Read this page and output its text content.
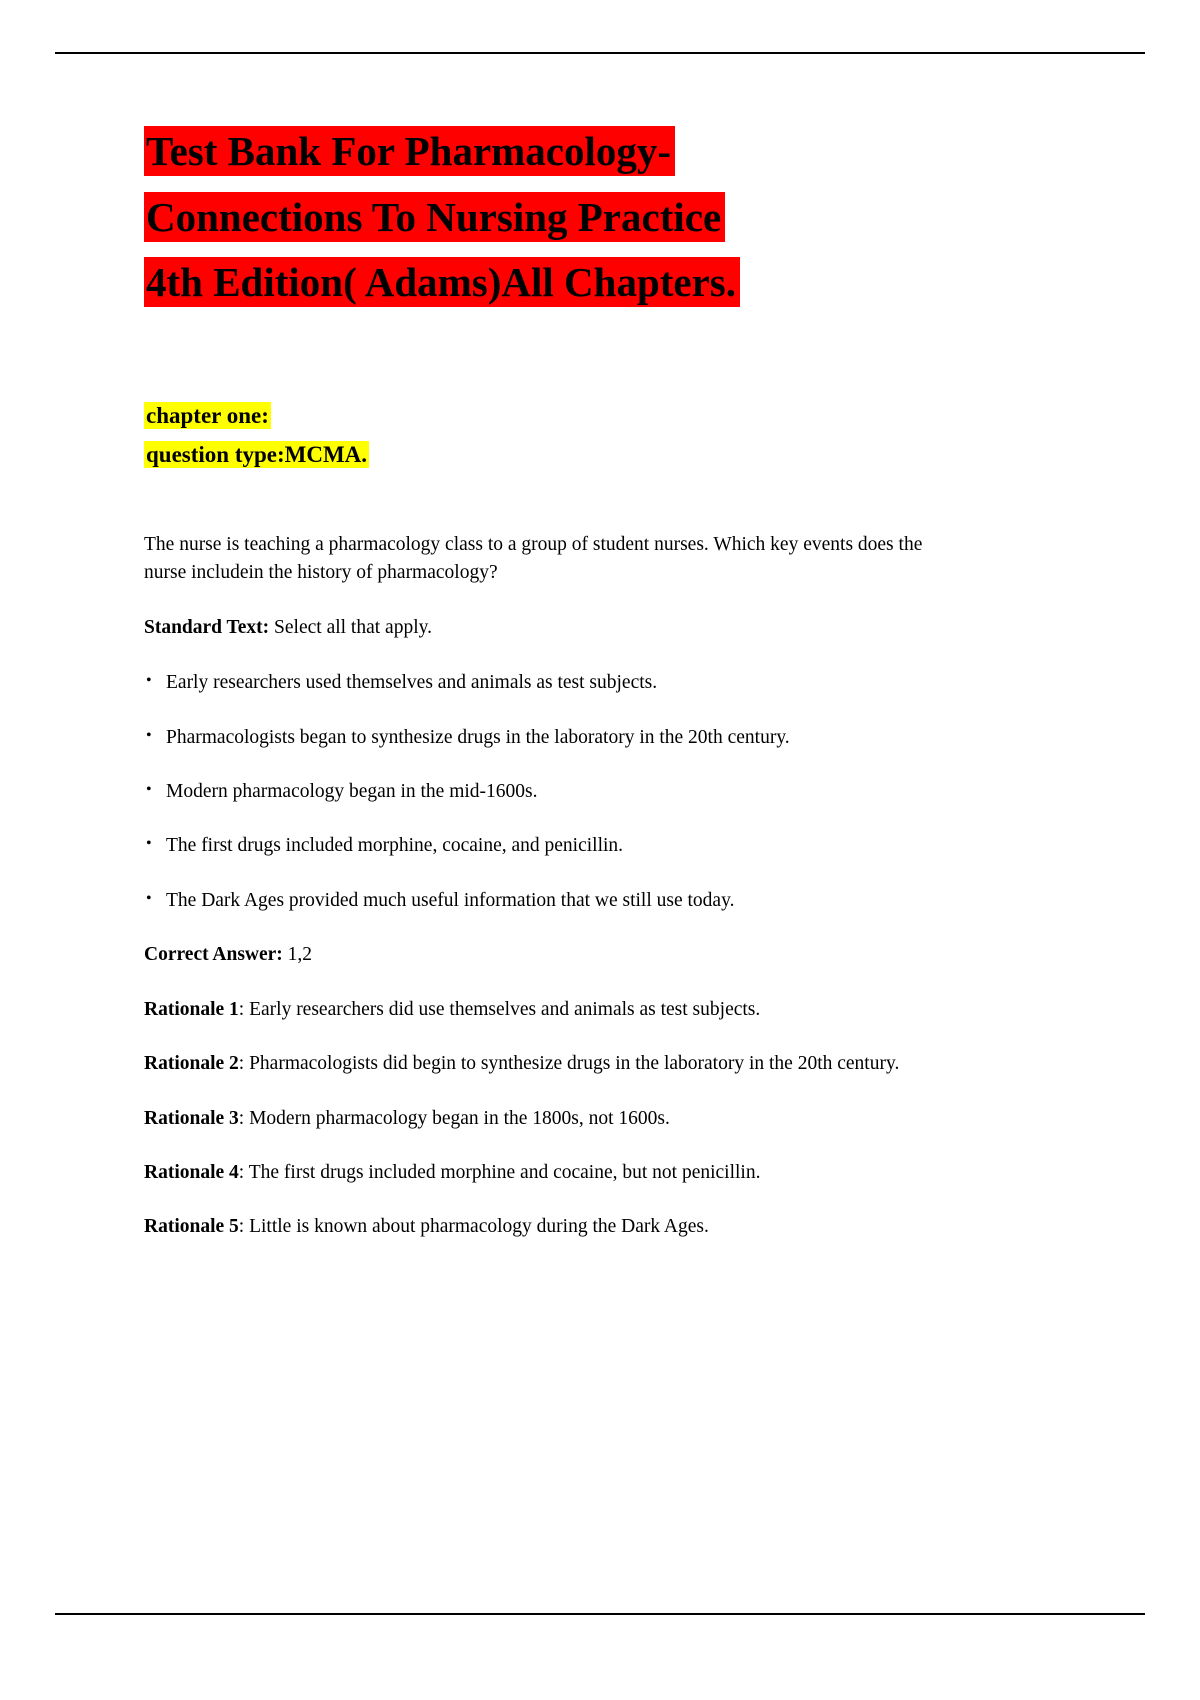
Test Bank For Pharmacology-
Connections To Nursing Practice
4th Edition( Adams)All Chapters.
chapter one:
question type:MCMA.

The nurse is teaching a pharmacology class to a group of student nurses. Which key events does the nurse includein the history of pharmacology?

Standard Text: Select all that apply.

• Early researchers used themselves and animals as test subjects.
• Pharmacologists began to synthesize drugs in the laboratory in the 20th century.
• Modern pharmacology began in the mid-1600s.
• The first drugs included morphine, cocaine, and penicillin.
• The Dark Ages provided much useful information that we still use today.

Correct Answer: 1,2

Rationale 1: Early researchers did use themselves and animals as test subjects.

Rationale 2: Pharmacologists did begin to synthesize drugs in the laboratory in the 20th century.

Rationale 3: Modern pharmacology began in the 1800s, not 1600s.

Rationale 4: The first drugs included morphine and cocaine, but not penicillin.

Rationale 5: Little is known about pharmacology during the Dark Ages.
